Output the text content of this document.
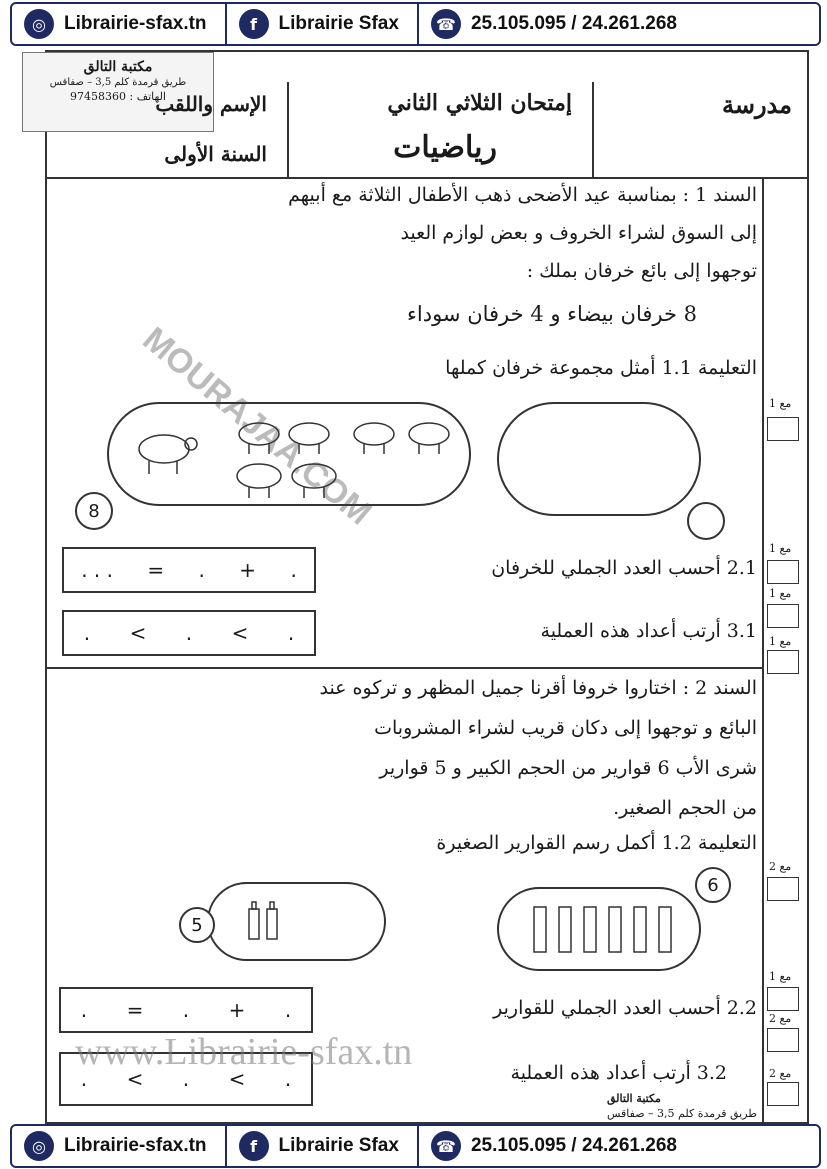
◎ Librairie-sfax.tn	f	Librairie Sfax	☎ 25.105.095 / 24.261.268
مكتبة التالق
طريق قرمدة كلم 3,5 – صفاقس
الهاتف : 97458360	مدرسة
إمتحان الثلاثي الثاني
رياضيات
الإسم واللقب
السنة الأولى
السند 1 : بمناسبة عيد الأضحى ذهب الأطفال الثلاثة مع أبيهم
إلى السوق لشراء الخروف و بعض لوازم العيد
توجهوا إلى بائع خرفان بملك :
8 خرفان بيضاء و 4 خرفان سوداء
التعليمة 1.1 أمثل مجموعة خرفان كملها
8
. . . = . + .	2.1 أحسب العدد الجملي للخرفان
. < . < .	3.1 أرتب أعداد هذه العملية
السند 2 : اختاروا خروفا أقرنا جميل المظهر و تركوه عند
البائع و توجهوا إلى دكان قريب لشراء المشروبات
شرى الأب 6 قوارير من الحجم الكبير و 5 قوارير
من الحجم الصغير.
التعليمة 1.2 أكمل رسم القوارير الصغيرة
5
6
. = . + .	2.2 أحسب العدد الجملي للقوارير
. < . < .	3.2 أرتب أعداد هذه العملية
مع 1
مع 1
مع 1
مع 1
مع 2
مع 1
مع 2
مع 2
مكتبة التالق
طريق قرمدة كلم 3,5 – صفاقس
MOURAJAA.COM
www.Librairie-sfax.tn
◎ Librairie-sfax.tn	f	Librairie Sfax	☎ 25.105.095 / 24.261.268
